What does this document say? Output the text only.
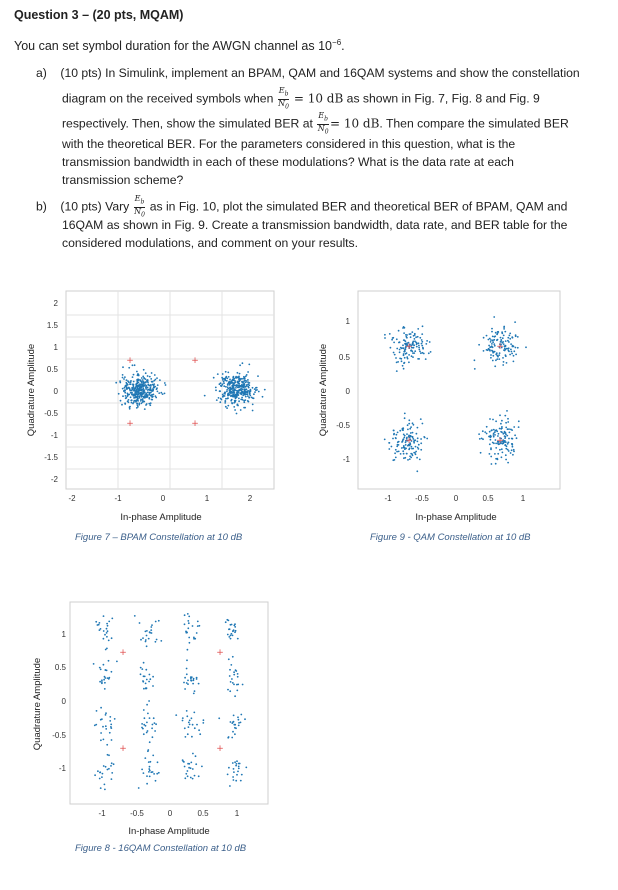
Question 3 – (20 pts, MQAM)
You can set symbol duration for the AWGN channel as $10^{-6}$.
a) (10 pts) In Simulink, implement an BPAM, QAM and 16QAM systems and show the constellation
diagram on the received symbols when $\frac{E_b}{N_0} = 10$ dB as shown in Fig. 7, Fig. 8 and Fig. 9
respectively. Then, show the simulated BER at $\frac{E_b}{N_0} = 10$ dB. Then compare the simulated BER
with the theoretical BER. For the parameters considered in this question, what is the
transmission bandwidth in each of these modulations? What is the data rate at each
transmission scheme?
b) (10 pts) Vary $\frac{E_b}{N_0}$ as in Fig. 10, plot the simulated BER and theoretical BER of BPAM, QAM and
16QAM as shown in Fig. 9. Create a transmission bandwidth, data rate, and BER table for the
considered modulations, and comment on your results.
+	+
+	+
-2	-1	0	1	2
2
1.5
1
0.5
0
-0.5
-1
-1.5
-2
In-phase Amplitude
Quadrature Amplitude
Figure 7 – BPAM Constellation at 10 dB
+	+
+	+
-1	-0.5	0	0.5	1
1
0.5
0
-0.5
-1
In-phase Amplitude
Quadrature Amplitude
Figure 9 - QAM Constellation at 10 dB
+	+
+	+
-1	-0.5	0	0.5	1
1
0.5
0
-0.5
-1
In-phase Amplitude
Quadrature Amplitude
Figure 8 - 16QAM Constellation at 10 dB
